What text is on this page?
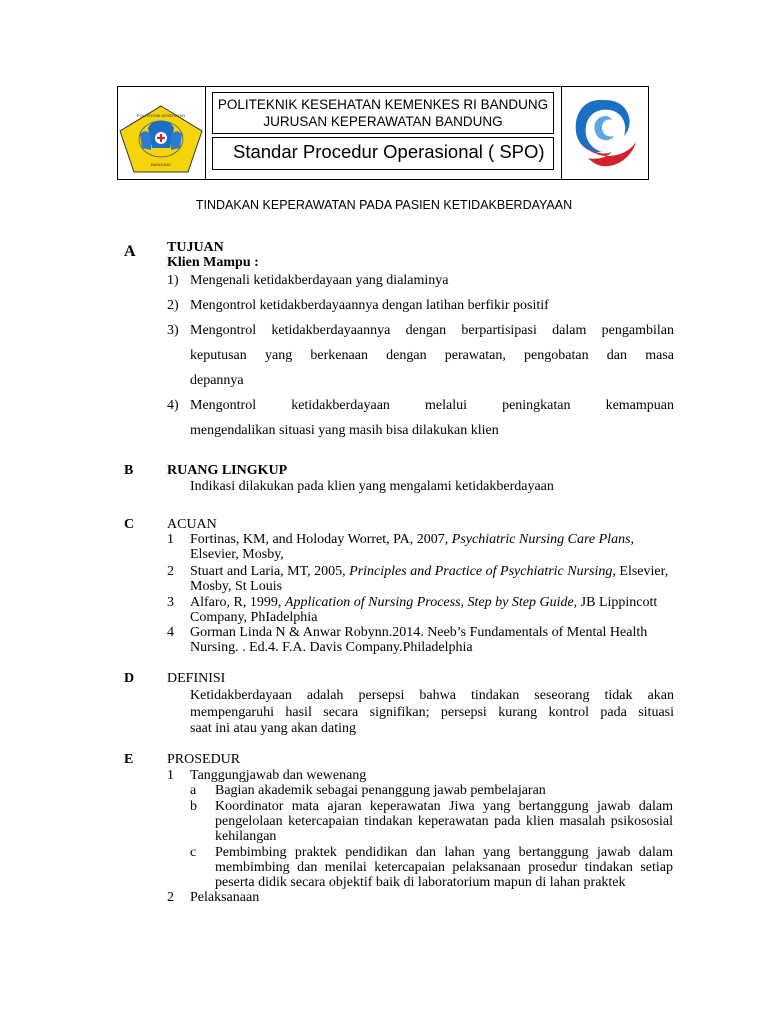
POLITEKNIK KESEHATAN
BANDUNG
POLITEKNIK KESEHATAN KEMENKES RI BANDUNG
JURUSAN KEPERAWATAN BANDUNG
Standar Procedur Operasional ( SPO)
TINDAKAN KEPERAWATAN PADA PASIEN KETIDAKBERDAYAAN
A TUJUAN
Klien Mampu :
1) Mengenali ketidakberdayaan yang dialaminya
2) Mengontrol ketidakberdayaannya dengan latihan berfikir positif
3) Mengontrol ketidakberdayaannya dengan berpartisipasi dalam pengambilan
keputusan yang berkenaan dengan perawatan, pengobatan dan masa
depannya
4) Mengontrol ketidakberdayaan melalui peningkatan kemampuan
mengendalikan situasi yang masih bisa dilakukan klien
B RUANG LINGKUP
Indikasi dilakukan pada klien yang mengalami ketidakberdayaan
C ACUAN
1 Fortinas, KM, and Holoday Worret, PA, 2007, Psychiatric Nursing Care Plans,
Elsevier, Mosby,
2 Stuart and Laria, MT, 2005, Principles and Practice of Psychiatric Nursing, Elsevier,
Mosby, St Louis
3 Alfaro, R, 1999, Application of Nursing Process, Step by Step Guide, JB Lippincott
Company, PhIadelphia
4 Gorman Linda N & Anwar Robynn.2014. Neeb’s Fundamentals of Mental Health
Nursing. . Ed.4. F.A. Davis Company.Philadelphia
D DEFINISI
Ketidakberdayaan adalah persepsi bahwa tindakan seseorang tidak akan
mempengaruhi hasil secara signifikan; persepsi kurang kontrol pada situasi
saat ini atau yang akan dating
E PROSEDUR
1 Tanggungjawab dan wewenang
a Bagian akademik sebagai penanggung jawab pembelajaran
b Koordinator mata ajaran keperawatan Jiwa yang bertanggung jawab dalam
pengelolaan ketercapaian tindakan keperawatan pada klien masalah psikososial
kehilangan
c Pembimbing praktek pendidikan dan lahan yang bertanggung jawab dalam
membimbing dan menilai ketercapaian pelaksanaan prosedur tindakan setiap
peserta didik secara objektif baik di laboratorium mapun di lahan praktek
2 Pelaksanaan
